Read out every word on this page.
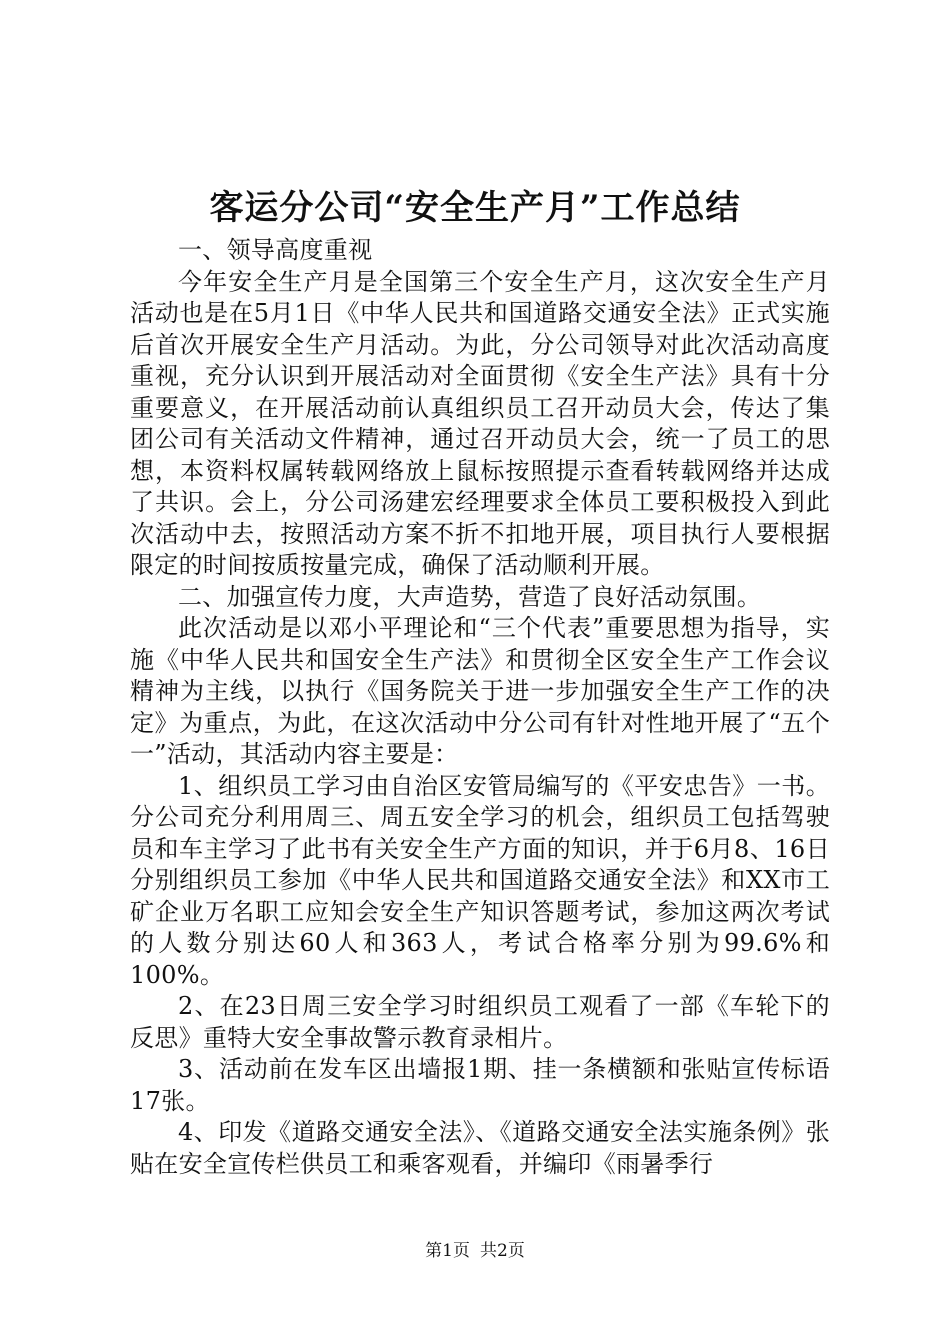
客运分公司“安全生产月”工作总结

一、领导高度重视

今年安全生产月是全国第三个安全生产月，这次安全生产月活动也是在5月1日《中华人民共和国道路交通安全法》正式实施后首次开展安全生产月活动。为此，分公司领导对此次活动高度重视，充分认识到开展活动对全面贯彻《安全生产法》具有十分重要意义，在开展活动前认真组织员工召开动员大会，传达了集团公司有关活动文件精神，通过召开动员大会，统一了员工的思想，本资料权属转载网络放上鼠标按照提示查看转载网络并达成了共识。会上，分公司汤建宏经理要求全体员工要积极投入到此次活动中去，按照活动方案不折不扣地开展，项目执行人要根据限定的时间按质按量完成，确保了活动顺利开展。

二、加强宣传力度，大声造势，营造了良好活动氛围。

此次活动是以邓小平理论和“三个代表”重要思想为指导，实施《中华人民共和国安全生产法》和贯彻全区安全生产工作会议精神为主线，以执行《国务院关于进一步加强安全生产工作的决定》为重点，为此，在这次活动中分公司有针对性地开展了“五个一”活动，其活动内容主要是：

1、组织员工学习由自治区安管局编写的《平安忠告》一书。分公司充分利用周三、周五安全学习的机会，组织员工包括驾驶员和车主学习了此书有关安全生产方面的知识，并于6月8、16日分别组织员工参加《中华人民共和国道路交通安全法》和XX市工矿企业万名职工应知会安全生产知识答题考试，参加这两次考试的人数分别达60人和363人，考试合格率分别为99.6%和100%。

2、在23日周三安全学习时组织员工观看了一部《车轮下的反思》重特大安全事故警示教育录相片。

3、活动前在发车区出墙报1期、挂一条横额和张贴宣传标语17张。

4、印发《道路交通安全法》、《道路交通安全法实施条例》张贴在安全宣传栏供员工和乘客观看，并编印《雨暑季行

第1页 共2页
